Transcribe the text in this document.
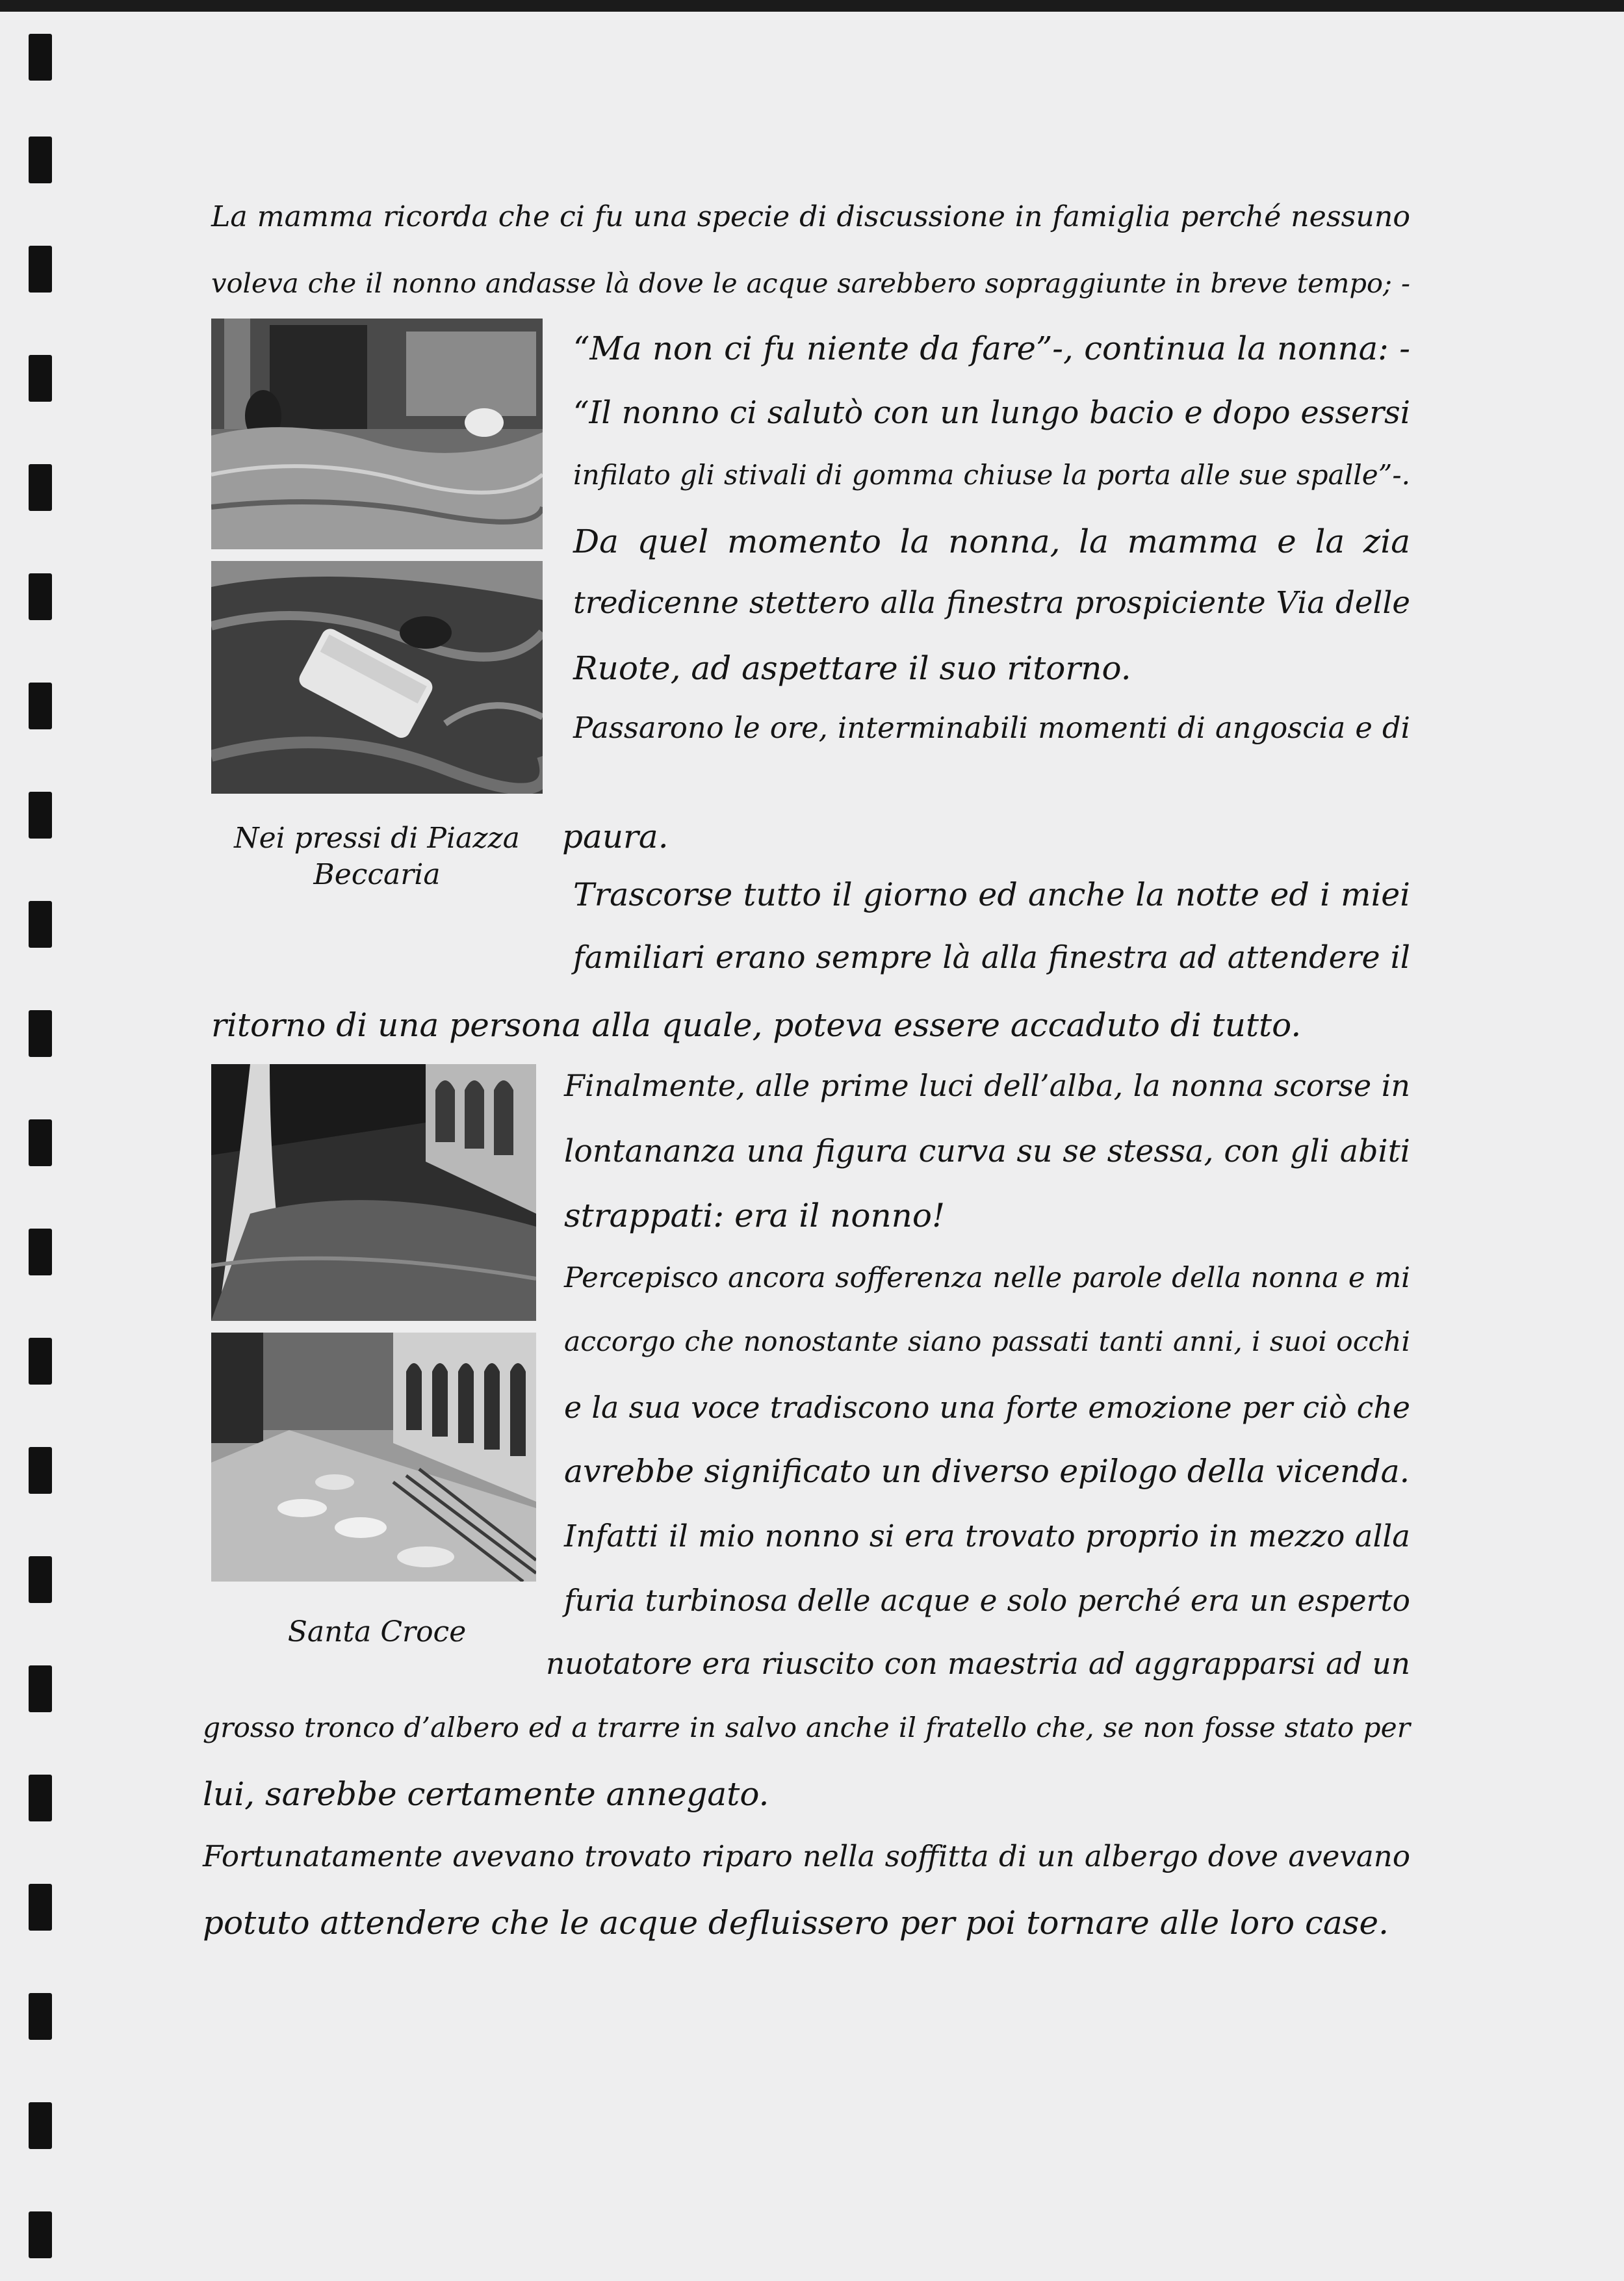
Nei pressi di Piazza
Beccaria
Santa Croce
La mamma ricorda che ci fu una specie di discussione in famiglia perché nessuno
voleva che il nonno andasse là dove le acque sarebbero sopraggiunte in breve tempo; -
“Ma non ci fu niente da fare”-, continua la nonna: -
“Il nonno ci salutò con un lungo bacio e dopo essersi
infilato gli stivali di gomma chiuse la porta alle sue spalle”-.
Da quel momento la nonna, la mamma e la zia
tredicenne stettero alla finestra prospiciente Via delle
Ruote, ad aspettare il suo ritorno.
Passarono le ore, interminabili momenti di angoscia e di
paura.
Trascorse tutto il giorno ed anche la notte ed i miei
familiari erano sempre là alla finestra ad attendere il
ritorno di una persona alla quale, poteva essere accaduto di tutto.
Finalmente, alle prime luci dell’alba, la nonna scorse in
lontananza una figura curva su se stessa, con gli abiti
strappati: era il nonno!
Percepisco ancora sofferenza nelle parole della nonna e mi
accorgo che nonostante siano passati tanti anni, i suoi occhi
e la sua voce tradiscono una forte emozione per ciò che
avrebbe significato un diverso epilogo della vicenda.
Infatti il mio nonno si era trovato proprio in mezzo alla
furia turbinosa delle acque e solo perché era un esperto
nuotatore era riuscito con maestria ad aggrapparsi ad un
grosso tronco d’albero ed a trarre in salvo anche il fratello che, se non fosse stato per
lui, sarebbe certamente annegato.
Fortunatamente avevano trovato riparo nella soffitta di un albergo dove avevano
potuto attendere che le acque defluissero per poi tornare alle loro case.
